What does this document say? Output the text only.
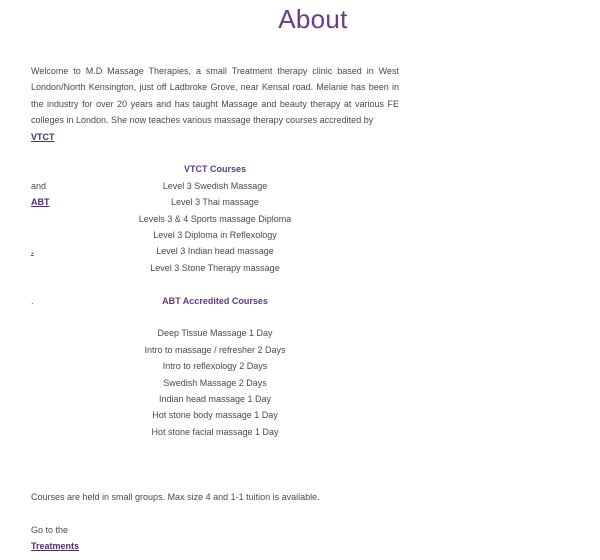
About

Welcome to M.D Massage Therapies, a small Treatment therapy clinic based in West London/North Kensington, just off Ladbroke Grove, near Kensal road. Melanie has been in the industry for over 20 years and has taught Massage and beauty therapy at various FE colleges in London. She now teaches various massage therapy courses accredited by
VTCT

VTCT Courses

and	Level 3 Swedish Massage
ABT	Level 3 Thai massage
Levels 3 & 4 Sports massage Diploma
Level 3 Diploma in Reflexology
.	Level 3 Indian head massage
Level 3 Stone Therapy massage
.	ABT Accredited Courses
Deep Tissue Massage 1 Day
Intro to massage / refresher 2 Days
Intro to reflexology 2 Days
Swedish Massage 2 Days
Indian head massage 1 Day
Hot stone body massage 1 Day
Hot stone facial massage 1 Day

Courses are held in small groups. Max size 4 and 1-1 tuition is available.

Go to the

Treatments
